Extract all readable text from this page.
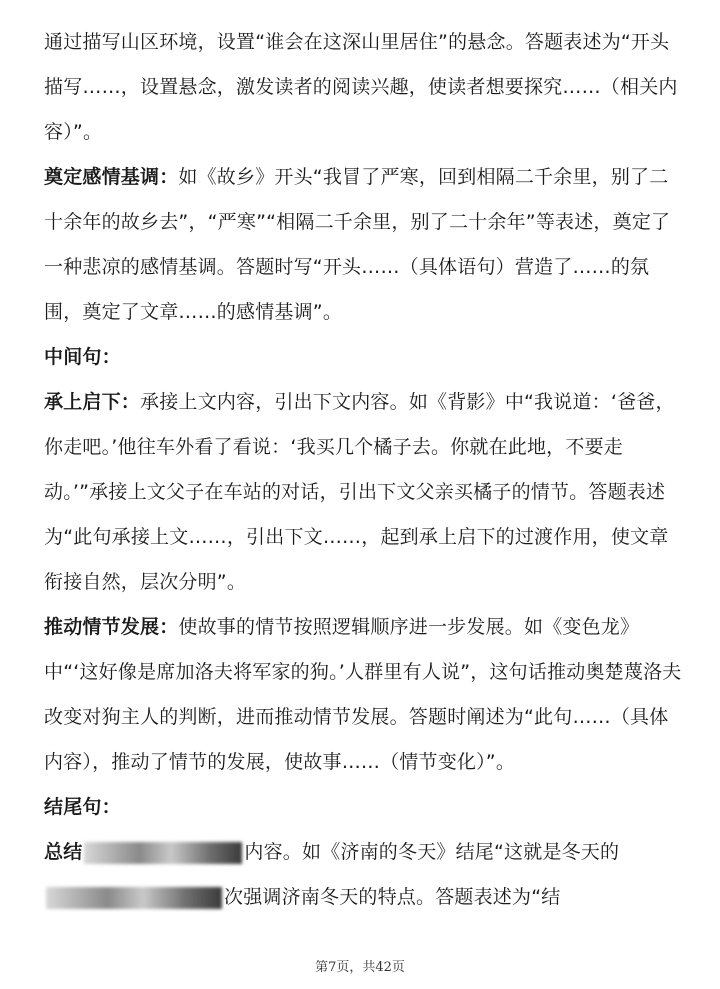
通过描写山区环境，设置“谁会在这深山里居住”的悬念。答题表述为“开头描写……，设置悬念，激发读者的阅读兴趣，使读者想要探究……（相关内容）”。

奠定感情基调：如《故乡》开头“我冒了严寒，回到相隔二千余里，别了二十余年的故乡去”，“严寒”“相隔二千余里，别了二十余年”等表述，奠定了一种悲凉的感情基调。答题时写“开头……（具体语句）营造了……的氛围，奠定了文章……的感情基调”。

中间句：

承上启下：承接上文内容，引出下文内容。如《背影》中“我说道：‘爸爸，你走吧。’他往车外看了看说：‘我买几个橘子去。你就在此地，不要走动。’”承接上文父子在车站的对话，引出下文父亲买橘子的情节。答题表述为“此句承接上文……，引出下文……，起到承上启下的过渡作用，使文章衔接自然，层次分明”。

推动情节发展：使故事的情节按照逻辑顺序进一步发展。如《变色龙》中“‘这好像是席加洛夫将军家的狗。’人群里有人说”，这句话推动奥楚蔑洛夫改变对狗主人的判断，进而推动情节发展。答题时阐述为“此句……（具体内容），推动了情节的发展，使故事……（情节变化）”。

结尾句：

总结	内容。如《济南的冬天》结尾“这就是冬天的次强调济南冬天的特点。答题表述为“结

第7页，共42页
